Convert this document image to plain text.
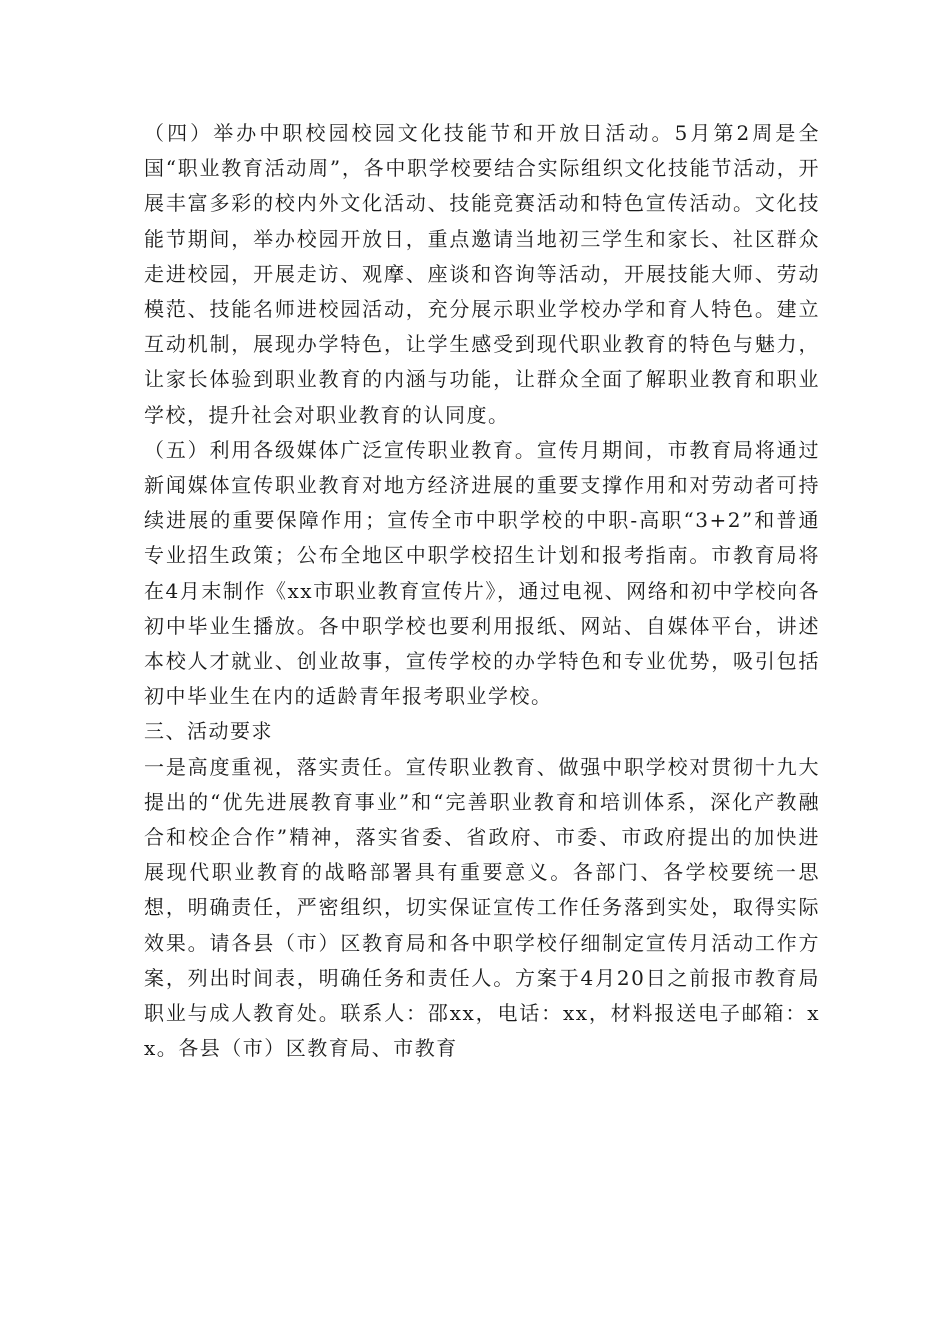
（四）举办中职校园校园文化技能节和开放日活动。5月第2周是全国“职业教育活动周”，各中职学校要结合实际组织文化技能节活动，开展丰富多彩的校内外文化活动、技能竞赛活动和特色宣传活动。文化技能节期间，举办校园开放日，重点邀请当地初三学生和家长、社区群众走进校园，开展走访、观摩、座谈和咨询等活动，开展技能大师、劳动模范、技能名师进校园活动，充分展示职业学校办学和育人特色。建立互动机制，展现办学特色，让学生感受到现代职业教育的特色与魅力，让家长体验到职业教育的内涵与功能，让群众全面了解职业教育和职业学校，提升社会对职业教育的认同度。

（五）利用各级媒体广泛宣传职业教育。宣传月期间，市教育局将通过新闻媒体宣传职业教育对地方经济进展的重要支撑作用和对劳动者可持续进展的重要保障作用；宣传全市中职学校的中职-高职“3+2”和普通专业招生政策；公布全地区中职学校招生计划和报考指南。市教育局将在4月末制作《xx市职业教育宣传片》，通过电视、网络和初中学校向各初中毕业生播放。各中职学校也要利用报纸、网站、自媒体平台，讲述本校人才就业、创业故事，宣传学校的办学特色和专业优势，吸引包括初中毕业生在内的适龄青年报考职业学校。

三、活动要求

一是高度重视，落实责任。宣传职业教育、做强中职学校对贯彻十九大提出的“优先进展教育事业”和“完善职业教育和培训体系，深化产教融合和校企合作”精神，落实省委、省政府、市委、市政府提出的加快进展现代职业教育的战略部署具有重要意义。各部门、各学校要统一思想，明确责任，严密组织，切实保证宣传工作任务落到实处，取得实际效果。请各县（市）区教育局和各中职学校仔细制定宣传月活动工作方案，列出时间表，明确任务和责任人。方案于4月20日之前报市教育局职业与成人教育处。联系人：邵xx，电话：xx，材料报送电子邮箱：xx。各县（市）区教育局、市教育
